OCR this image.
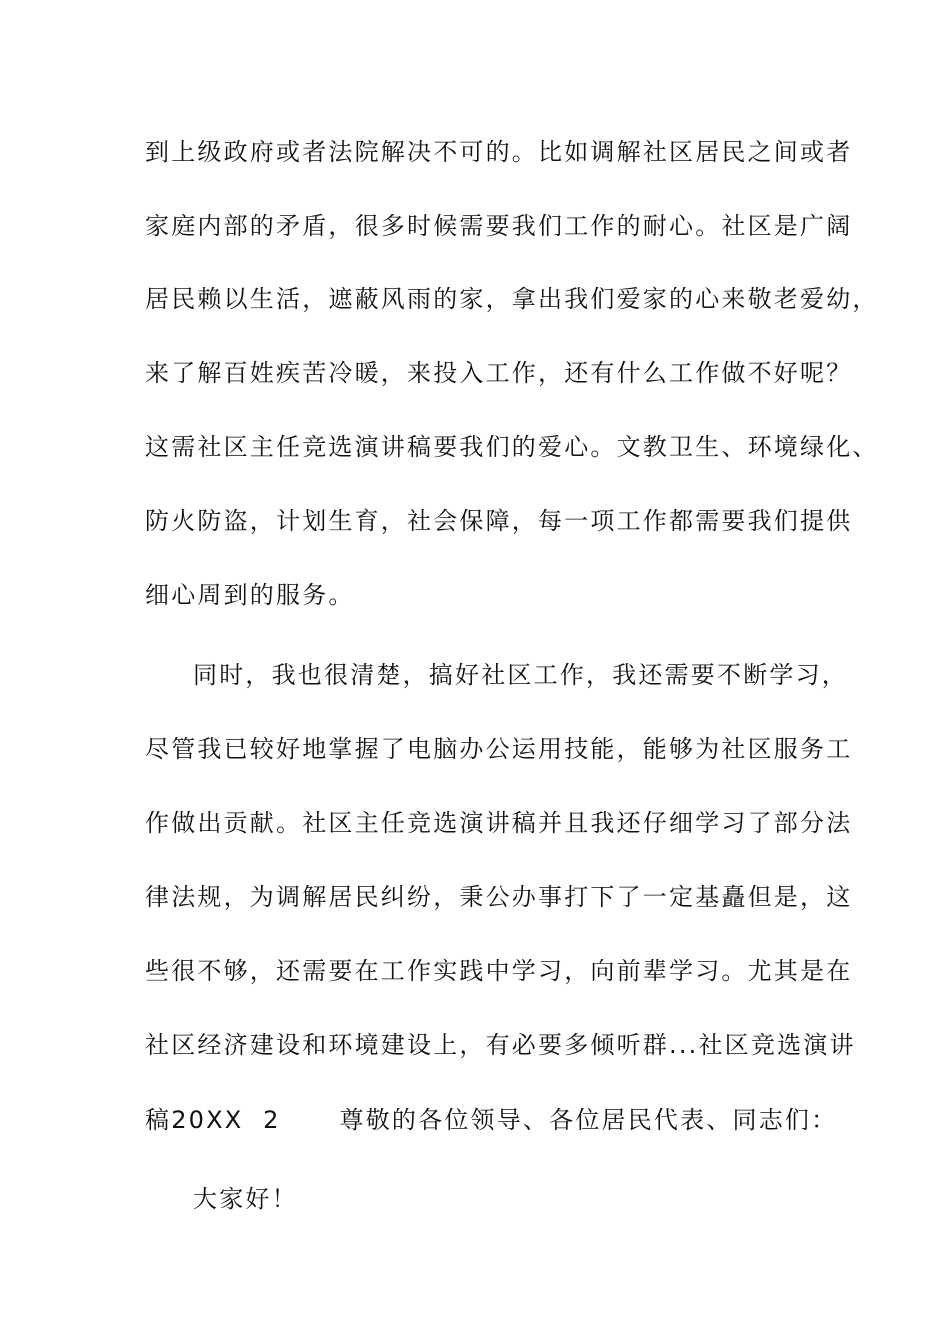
到上级政府或者法院解决不可的。比如调解社区居民之间或者
家庭内部的矛盾，很多时候需要我们工作的耐心。社区是广阔
居民赖以生活，遮蔽风雨的家，拿出我们爱家的心来敬老爱幼，
来了解百姓疾苦冷暖，来投入工作，还有什么工作做不好呢？
这需社区主任竞选演讲稿要我们的爱心。文教卫生、环境绿化、
防火防盗，计划生育，社会保障，每一项工作都需要我们提供
细心周到的服务。
同时，我也很清楚，搞好社区工作，我还需要不断学习，
尽管我已较好地掌握了电脑办公运用技能，能够为社区服务工
作做出贡献。社区主任竞选演讲稿并且我还仔细学习了部分法
律法规，为调解居民纠纷，秉公办事打下了一定基矗但是，这
些很不够，还需要在工作实践中学习，向前辈学习。尤其是在
社区经济建设和环境建设上，有必要多倾听群...社区竞选演讲
稿20XX  2      尊敬的各位领导、各位居民代表、同志们：
大家好！
